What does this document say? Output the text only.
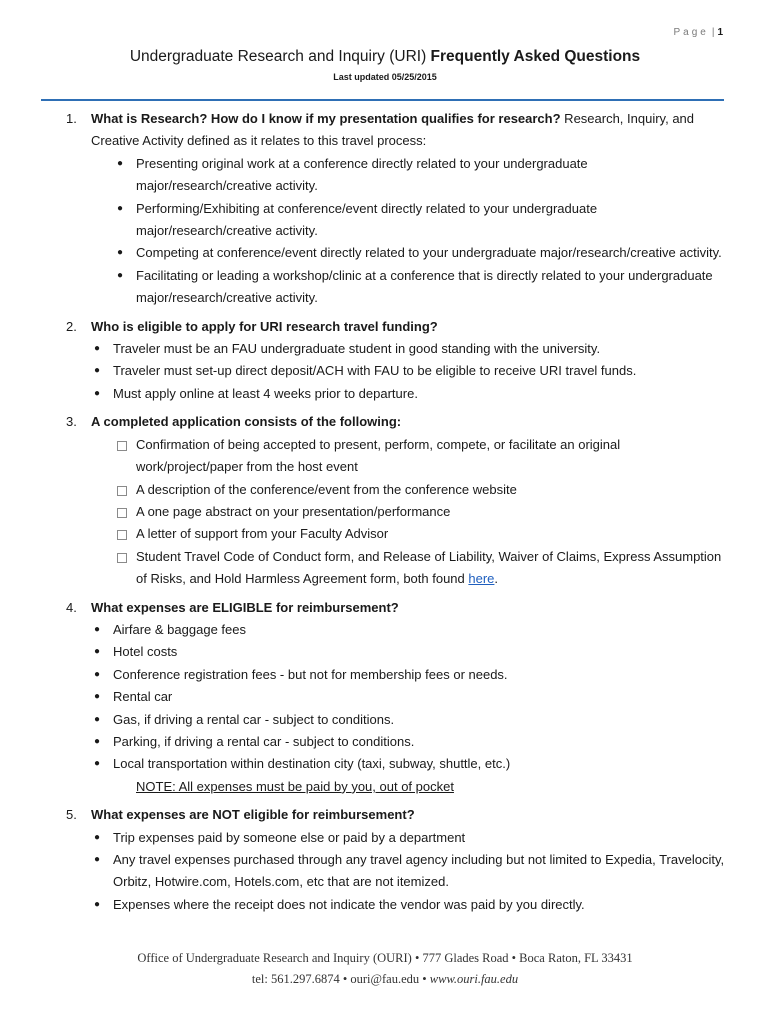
Page | 1
Undergraduate Research and Inquiry (URI) Frequently Asked Questions
Last updated 05/25/2015
1. What is Research? How do I know if my presentation qualifies for research? Research, Inquiry, and Creative Activity defined as it relates to this travel process:
● Presenting original work at a conference directly related to your undergraduate major/research/creative activity.
● Performing/Exhibiting at conference/event directly related to your undergraduate major/research/creative activity.
● Competing at conference/event directly related to your undergraduate major/research/creative activity.
● Facilitating or leading a workshop/clinic at a conference that is directly related to your undergraduate major/research/creative activity.
2. Who is eligible to apply for URI research travel funding?
● Traveler must be an FAU undergraduate student in good standing with the university.
● Traveler must set-up direct deposit/ACH with FAU to be eligible to receive URI travel funds.
● Must apply online at least 4 weeks prior to departure.
3. A completed application consists of the following:
Confirmation of being accepted to present, perform, compete, or facilitate an original work/project/paper from the host event
A description of the conference/event from the conference website
A one page abstract on your presentation/performance
A letter of support from your Faculty Advisor
Student Travel Code of Conduct form, and Release of Liability, Waiver of Claims, Express Assumption of Risks, and Hold Harmless Agreement form, both found here.
4. What expenses are ELIGIBLE for reimbursement?
● Airfare & baggage fees
● Hotel costs
● Conference registration fees - but not for membership fees or needs.
● Rental car
● Gas, if driving a rental car - subject to conditions.
● Parking, if driving a rental car - subject to conditions.
● Local transportation within destination city (taxi, subway, shuttle, etc.)
NOTE: All expenses must be paid by you, out of pocket
5. What expenses are NOT eligible for reimbursement?
● Trip expenses paid by someone else or paid by a department
● Any travel expenses purchased through any travel agency including but not limited to Expedia, Travelocity, Orbitz, Hotwire.com, Hotels.com, etc that are not itemized.
● Expenses where the receipt does not indicate the vendor was paid by you directly.
Office of Undergraduate Research and Inquiry (OURI) • 777 Glades Road • Boca Raton, FL 33431
tel: 561.297.6874 • ouri@fau.edu • www.ouri.fau.edu
